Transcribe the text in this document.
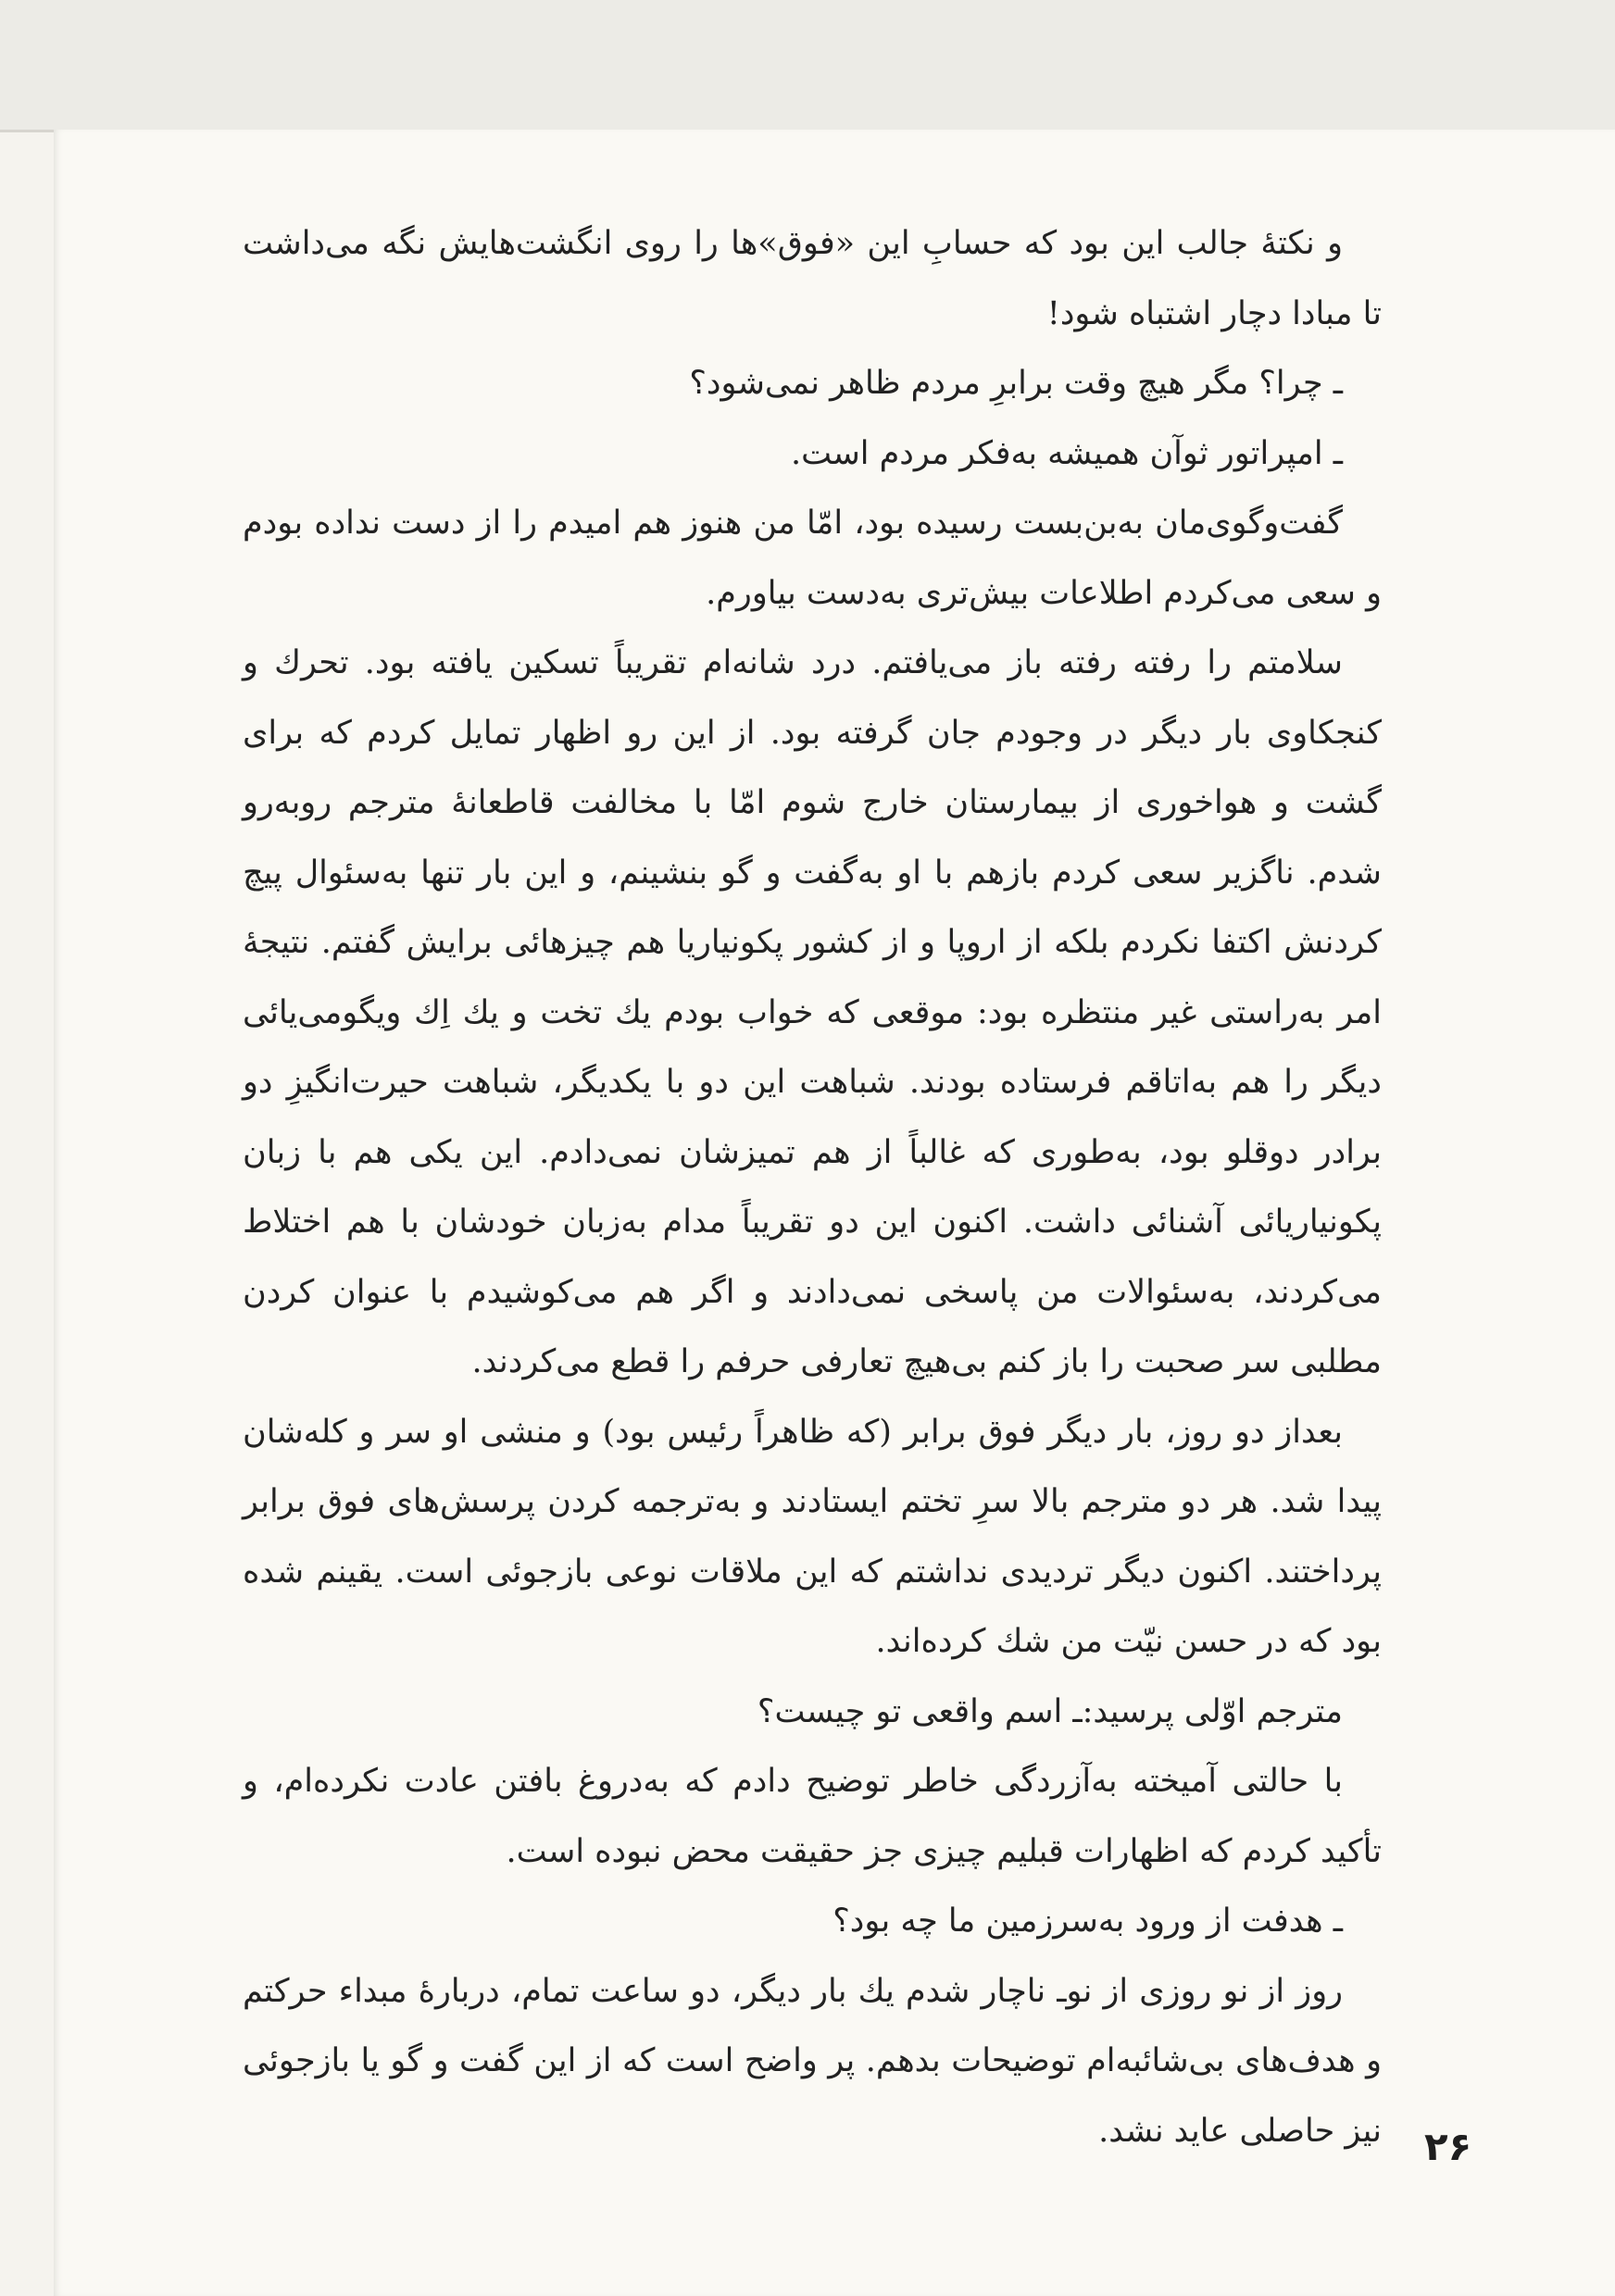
و نکتهٔ جالب این بود که حسابِ این «فوق»ها را روی انگشت‌هایش نگه می‌داشت تا مبادا دچار اشتباه شود!

ـ چرا؟ مگر هیچ وقت برابرِ مردم ظاهر نمی‌شود؟

ـ امپراتور ثوآن همیشه به‌فکر مردم است.

گفت‌وگوی‌مان به‌بن‌بست رسیده بود، امّا من هنوز هم امیدم را از دست نداده بودم و سعی می‌کردم اطلاعات بیش‌تری به‌دست بیاورم.

سلامتم را رفته رفته باز می‌یافتم. درد شانه‌ام تقریباً تسکین یافته بود. تحرك و کنجکاوی بار دیگر در وجودم جان گرفته بود. از این رو اظهار تمایل کردم که برای گشت و هواخوری از بیمارستان خارج شوم امّا با مخالفت قاطعانهٔ مترجم روبه‌رو شدم. ناگزیر سعی کردم بازهم با او به‌گفت و گو بنشینم، و این بار تنها به‌سئوال پیچ کردنش اکتفا نکردم بلکه از اروپا و از کشور پکونیاریا هم چیزهائی برایش گفتم. نتیجهٔ امر به‌راستی غیر منتظره بود: موقعی که خواب بودم یك تخت و یك اِك ویگومی‌یائی دیگر را هم به‌اتاقم فرستاده بودند. شباهت این دو با یکدیگر، شباهت حیرت‌انگیزِ دو برادر دوقلو بود، به‌طوری که غالباً از هم تمیزشان نمی‌دادم. این یکی هم با زبان پکونیاریائی آشنائی داشت. اکنون این دو تقریباً مدام به‌زبان خودشان با هم اختلاط می‌کردند، به‌سئوالات من پاسخی نمی‌دادند و اگر هم می‌کوشیدم با عنوان کردن مطلبی سر صحبت را باز کنم بی‌هیچ تعارفی حرفم را قطع می‌کردند.

بعداز دو روز، بار دیگر فوق برابر (که ظاهراً رئیس بود) و منشی او سر و کله‌شان پیدا شد. هر دو مترجم بالا سرِ تختم ایستادند و به‌ترجمه کردن پرسش‌های فوق برابر پرداختند. اکنون دیگر تردیدی نداشتم که این ملاقات نوعی بازجوئی است. یقینم شده بود که در حسن نیّت من شك کرده‌اند.

مترجم اوّلی پرسید:ـ اسم واقعی تو چیست؟

با حالتی آمیخته به‌آزردگی خاطر توضیح دادم که به‌دروغ بافتن عادت نکرده‌ام، و تأکید کردم که اظهارات قبلیم چیزی جز حقیقت محض نبوده است.

ـ هدفت از ورود به‌سرزمین ما چه بود؟

روز از نو روزی از نوـ ناچار شدم یك بار دیگر، دو ساعت تمام، دربارهٔ مبداء حرکتم و هدف‌های بی‌شائبه‌ام توضیحات بدهم. پر واضح است که از این گفت و گو یا بازجوئی نیز حاصلی عاید نشد. ۲۶
